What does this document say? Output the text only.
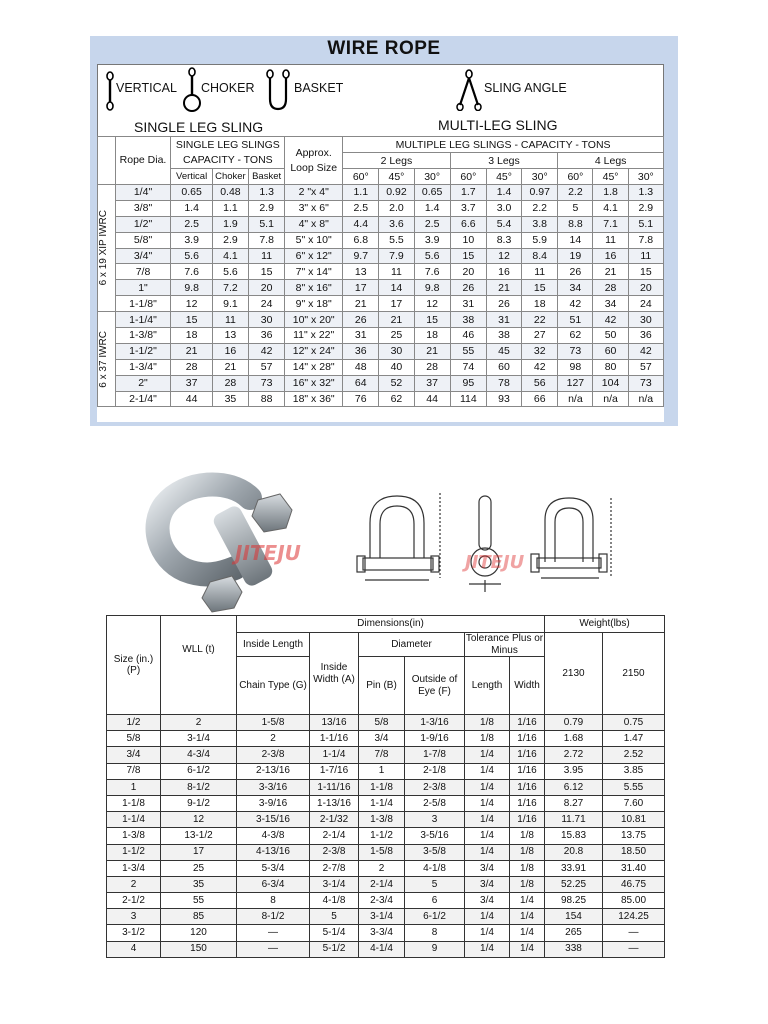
WIRE ROPE
VERTICAL CHOKER	BASKET	SLING ANGLE
SINGLE LEG SLING	MULTI-LEG SLING
	Rope Dia.	SINGLE LEG SLINGS CAPACITY - TONS			Approx. Loop Size	MULTIPLE LEG SLINGS - CAPACITY - TONS								
						2 Legs			3 Legs			4 Legs		
		Vertical	Choker	Basket		60°	45°	30°	60°	45°	30°	60°	45°	30°

6 x 19 XIP IWRC	1/4"	0.65	0.48	1.3	2 "x 4"	1.1	0.92	0.65	1.7	1.4	0.97	2.2	1.8	1.3
	3/8"	1.4	1.1	2.9	3" x 6"	2.5	2.0	1.4	3.7	3.0	2.2	5	4.1	2.9
	1/2"	2.5	1.9	5.1	4" x 8"	4.4	3.6	2.5	6.6	5.4	3.8	8.8	7.1	5.1
	5/8"	3.9	2.9	7.8	5" x 10"	6.8	5.5	3.9	10	8.3	5.9	14	11	7.8
	3/4"	5.6	4.1	11	6" x 12"	9.7	7.9	5.6	15	12	8.4	19	16	11
	7/8	7.6	5.6	15	7" x 14"	13	11	7.6	20	16	11	26	21	15
	1"	9.8	7.2	20	8" x 16"	17	14	9.8	26	21	15	34	28	20
	1-1/8"	12	9.1	24	9" x 18"	21	17	12	31	26	18	42	34	24

6 x 37 IWRC	1-1/4"	15	11	30	10" x 20"	26	21	15	38	31	22	51	42	30
	1-3/8"	18	13	36	11" x 22"	31	25	18	46	38	27	62	50	36
	1-1/2"	21	16	42	12" x 24"	36	30	21	55	45	32	73	60	42
	1-3/4"	28	21	57	14" x 28"	48	40	28	74	60	42	98	80	57
	2"	37	28	73	16" x 32"	64	52	37	95	78	56	127	104	73
	2-1/4"	44	35	88	18" x 36"	76	62	44	114	93	66	n/a	n/a	n/a
JITEJU	JITEJU
Size (in.) (P)	WLL (t)	Dimensions(in)						Weight(lbs)	
		Inside Length	Inside Width (A)	Diameter		Tolerance Plus or Minus		2130	2150
		Chain Type (G)		Pin (B)	Outside of Eye (F)	Length	Width		
1/2	2	1-5/8	13/16	5/8	1-3/16	1/8	1/16	0.79	0.75
5/8	3-1/4	2	1-1/16	3/4	1-9/16	1/8	1/16	1.68	1.47
3/4	4-3/4	2-3/8	1-1/4	7/8	1-7/8	1/4	1/16	2.72	2.52
7/8	6-1/2	2-13/16	1-7/16	1	2-1/8	1/4	1/16	3.95	3.85
1	8-1/2	3-3/16	1-11/16	1-1/8	2-3/8	1/4	1/16	6.12	5.55
1-1/8	9-1/2	3-9/16	1-13/16	1-1/4	2-5/8	1/4	1/16	8.27	7.60
1-1/4	12	3-15/16	2-1/32	1-3/8	3	1/4	1/16	11.71	10.81
1-3/8	13-1/2	4-3/8	2-1/4	1-1/2	3-5/16	1/4	1/8	15.83	13.75
1-1/2	17	4-13/16	2-3/8	1-5/8	3-5/8	1/4	1/8	20.8	18.50
1-3/4	25	5-3/4	2-7/8	2	4-1/8	3/4	1/8	33.91	31.40
2	35	6-3/4	3-1/4	2-1/4	5	3/4	1/8	52.25	46.75
2-1/2	55	8	4-1/8	2-3/4	6	3/4	1/4	98.25	85.00
3	85	8-1/2	5	3-1/4	6-1/2	1/4	1/4	154	124.25
3-1/2	120	—	5-1/4	3-3/4	8	1/4	1/4	265	—
4	150	—	5-1/2	4-1/4	9	1/4	1/4	338	—
